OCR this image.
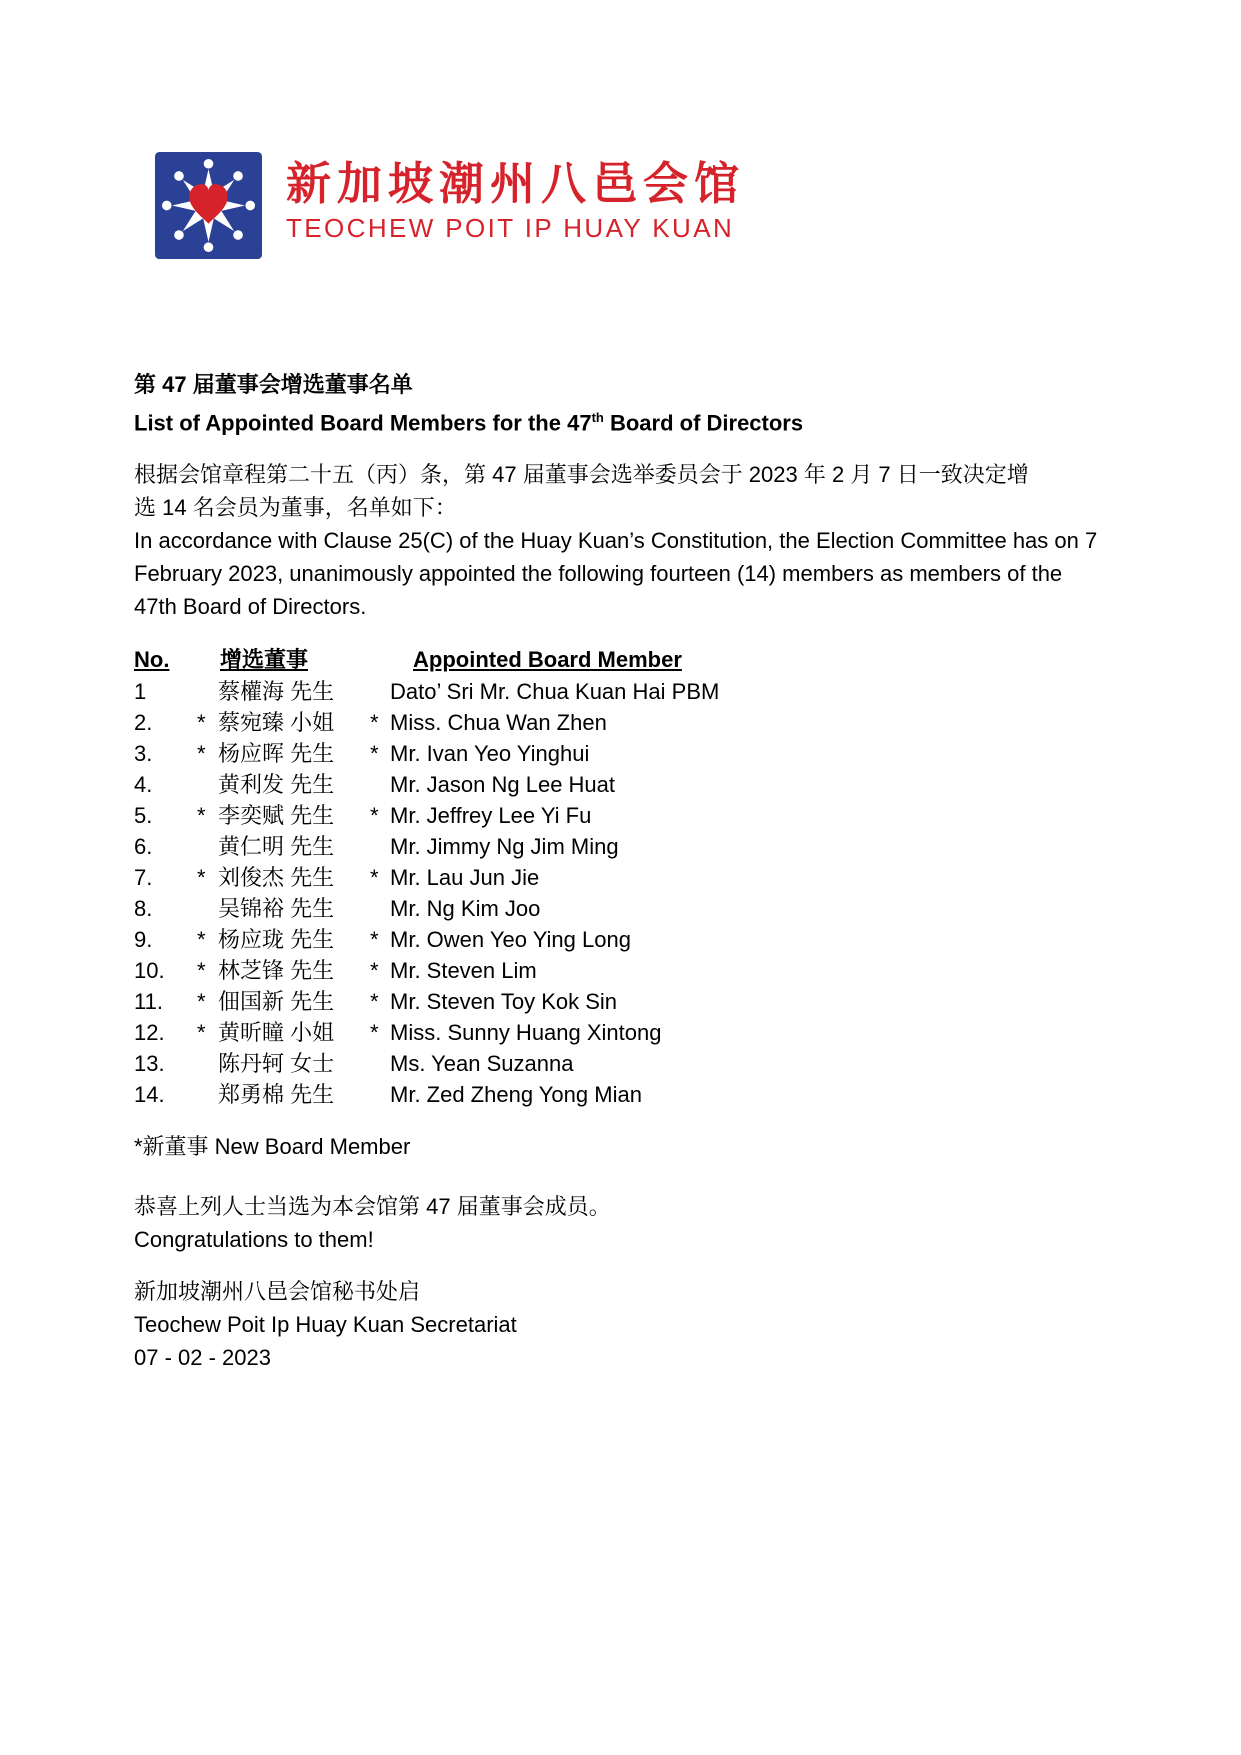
新加坡潮州八邑会馆
TEOCHEW POIT IP HUAY KUAN
第 47 届董事会增选董事名单
List of Appointed Board Members for the 47th Board of Directors
根据会馆章程第二十五（丙）条，第 47 届董事会选举委员会于 2023 年 2 月 7 日一致决定增
选 14 名会员为董事，名单如下：
In accordance with Clause 25(C) of the Huay Kuan’s Constitution, the Election Committee has on 7
February 2023, unanimously appointed the following fourteen (14) members as members of the
47th Board of Directors.
No.	增选董事	Appointed Board Member
1	蔡權海 先生	Dato’ Sri Mr. Chua Kuan Hai PBM
2.	* 蔡宛臻 小姐 * Miss. Chua Wan Zhen
3.	* 杨应晖 先生 * Mr. Ivan Yeo Yinghui
4.	黄利发 先生	Mr. Jason Ng Lee Huat
5.	* 李奕赋 先生 * Mr. Jeffrey Lee Yi Fu
6.	黄仁明 先生	Mr. Jimmy Ng Jim Ming
7.	* 刘俊杰 先生 * Mr. Lau Jun Jie
8.	吴锦裕 先生	Mr. Ng Kim Joo
9.	* 杨应珑 先生 * Mr. Owen Yeo Ying Long
10.	* 林芝锋 先生 * Mr. Steven Lim
11.	* 佃国新 先生 * Mr. Steven Toy Kok Sin
12.	* 黄昕瞳 小姐 * Miss. Sunny Huang Xintong
13.	陈丹轲 女士	Ms. Yean Suzanna
14.	郑勇棉 先生	Mr. Zed Zheng Yong Mian
*新董事 New Board Member
恭喜上列人士当选为本会馆第 47 届董事会成员。
Congratulations to them!
新加坡潮州八邑会馆秘书处启
Teochew Poit Ip Huay Kuan Secretariat
07 - 02 - 2023
